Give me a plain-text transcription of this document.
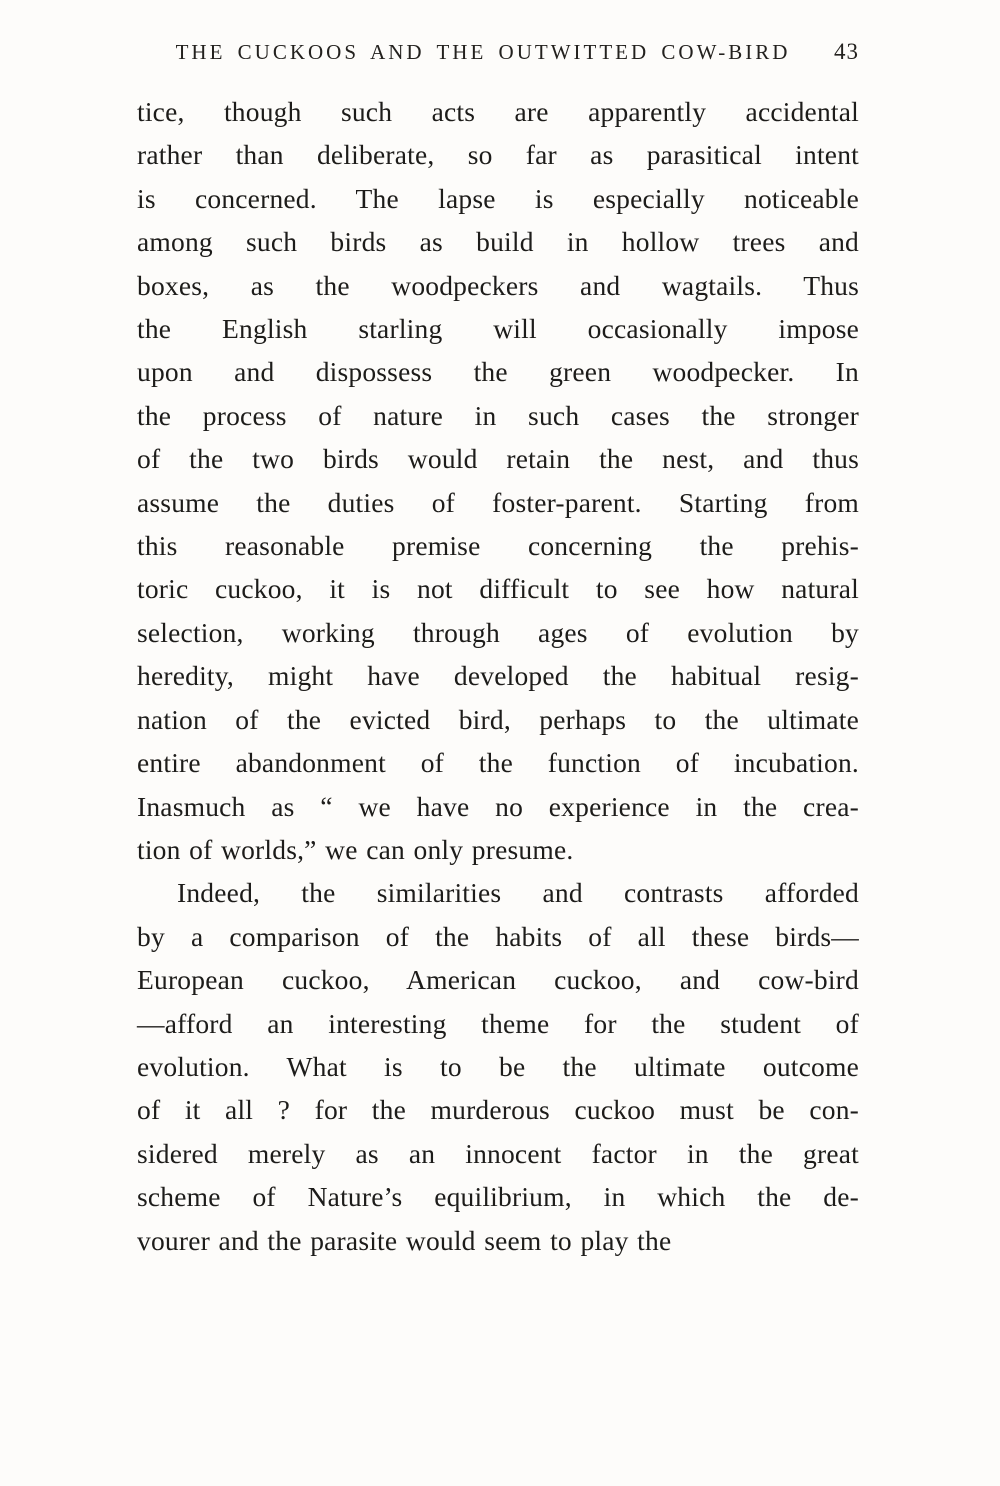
THE CUCKOOS AND THE OUTWITTED COW-BIRD	43
tice, though such acts are apparently accidental
rather than deliberate, so far as parasitical intent
is concerned. The lapse is especially noticeable
among such birds as build in hollow trees and
boxes, as the woodpeckers and wagtails. Thus
the English starling will occasionally impose
upon and dispossess the green woodpecker. In
the process of nature in such cases the stronger
of the two birds would retain the nest, and thus
assume the duties of foster-parent. Starting from
this reasonable premise concerning the prehis-
toric cuckoo, it is not difficult to see how natural
selection, working through ages of evolution by
heredity, might have developed the habitual resig-
nation of the evicted bird, perhaps to the ultimate
entire abandonment of the function of incubation.
Inasmuch as “ we have no experience in the crea-
tion of worlds,” we can only presume.
Indeed, the similarities and contrasts afforded
by a comparison of the habits of all these birds—
European cuckoo, American cuckoo, and cow-bird
—afford an interesting theme for the student of
evolution. What is to be the ultimate outcome
of it all ? for the murderous cuckoo must be con-
sidered merely as an innocent factor in the great
scheme of Nature’s equilibrium, in which the de-
vourer and the parasite would seem to play the
